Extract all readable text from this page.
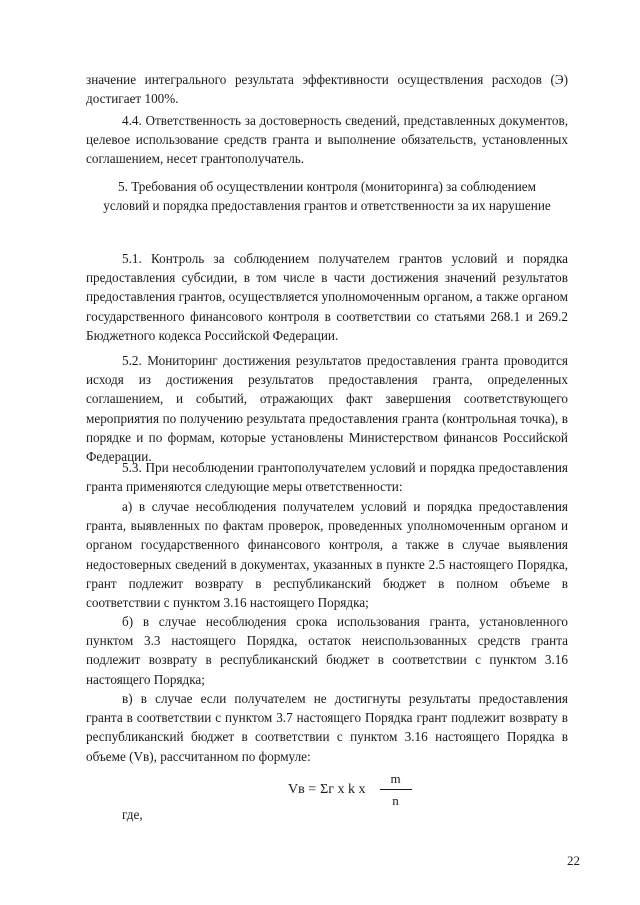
значение интегрального результата эффективности осуществления расходов (Э) достигает 100%.

4.4. Ответственность за достоверность сведений, представленных документов, целевое использование средств гранта и выполнение обязательств, установленных соглашением, несет грантополучатель.

5. Требования об осуществлении контроля (мониторинга) за соблюдением условий и порядка предоставления грантов и ответственности за их нарушение

5.1. Контроль за соблюдением получателем грантов условий и порядка предоставления субсидии, в том числе в части достижения значений результатов предоставления грантов, осуществляется уполномоченным органом, а также органом государственного финансового контроля в соответствии со статьями 268.1 и 269.2 Бюджетного кодекса Российской Федерации.

5.2. Мониторинг достижения результатов предоставления гранта проводится исходя из достижения результатов предоставления гранта, определенных соглашением, и событий, отражающих факт завершения соответствующего мероприятия по получению результата предоставления гранта (контрольная точка), в порядке и по формам, которые установлены Министерством финансов Российской Федерации.

5.3. При несоблюдении грантополучателем условий и порядка предоставления гранта применяются следующие меры ответственности:

а) в случае несоблюдения получателем условий и порядка предоставления гранта, выявленных по фактам проверок, проведенных уполномоченным органом и органом государственного финансового контроля, а также в случае выявления недостоверных сведений в документах, указанных в пункте 2.5 настоящего Порядка, грант подлежит возврату в республиканский бюджет в полном объеме в соответствии с пунктом 3.16 настоящего Порядка;

б) в случае несоблюдения срока использования гранта, установленного пунктом 3.3 настоящего Порядка, остаток неиспользованных средств гранта подлежит возврату в республиканский бюджет в соответствии с пунктом 3.16 настоящего Порядка;

в) в случае если получателем не достигнуты результаты предоставления гранта в соответствии с пунктом 3.7 настоящего Порядка грант подлежит возврату в республиканский бюджет в соответствии с пунктом 3.16 настоящего Порядка в объеме (Vв), рассчитанном по формуле:

Vв = Σг х k х $\frac{m}{n}$

где,

22
